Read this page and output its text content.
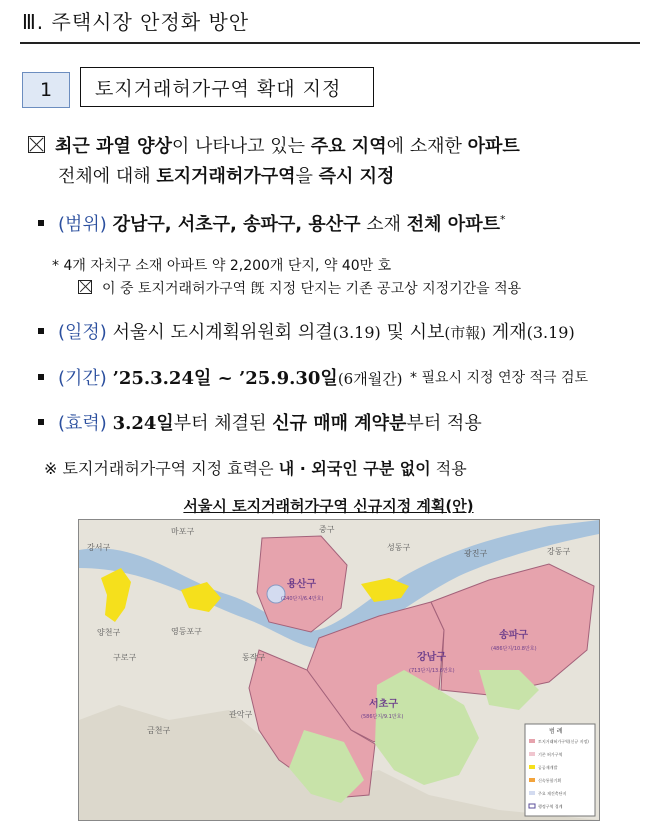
Ⅲ. 주택시장 안정화 방안
1	토지거래허가구역 확대 지정
최근 과열 양상이 나타나고 있는 주요 지역에 소재한 아파트
전체에 대해 토지거래허가구역을 즉시 지정
(범위) 강남구, 서초구, 송파구, 용산구 소재 전체 아파트*
* 4개 자치구 소재 아파트 약 2,200개 단지, 약 40만 호
이 중 토지거래허가구역 旣 지정 단지는 기존 공고상 지정기간을 적용
(일정) 서울시 도시계획위원회 의결(3.19) 및 시보(市報) 게재(3.19)
(기간) ’25.3.24일 ~ ’25.9.30일(6개월간) * 필요시 지정 연장 적극 검토
(효력) 3.24일부터 체결된 신규 매매 계약분부터 적용
※ 토지거래허가구역 지정 효력은 내 · 외국인 구분 없이 적용
서울시 토지거래허가구역 신규지정 계획(안)
마포구
강서구
중구
성동구
광진구	강동구
양천구	영등포구
구로구	동작구
관악구
금천구
용산구
(240단지/6.4만호)
강남구
(713단지/13.6만호)
서초구
(586단지/9.1만호)
송파구
(486단지/10.8만호)
범 례
토지거래허가구역(신규 지정)
기존 허가구역
공공재개발
신속통합기획
주요 재건축단지
행정구역 경계
